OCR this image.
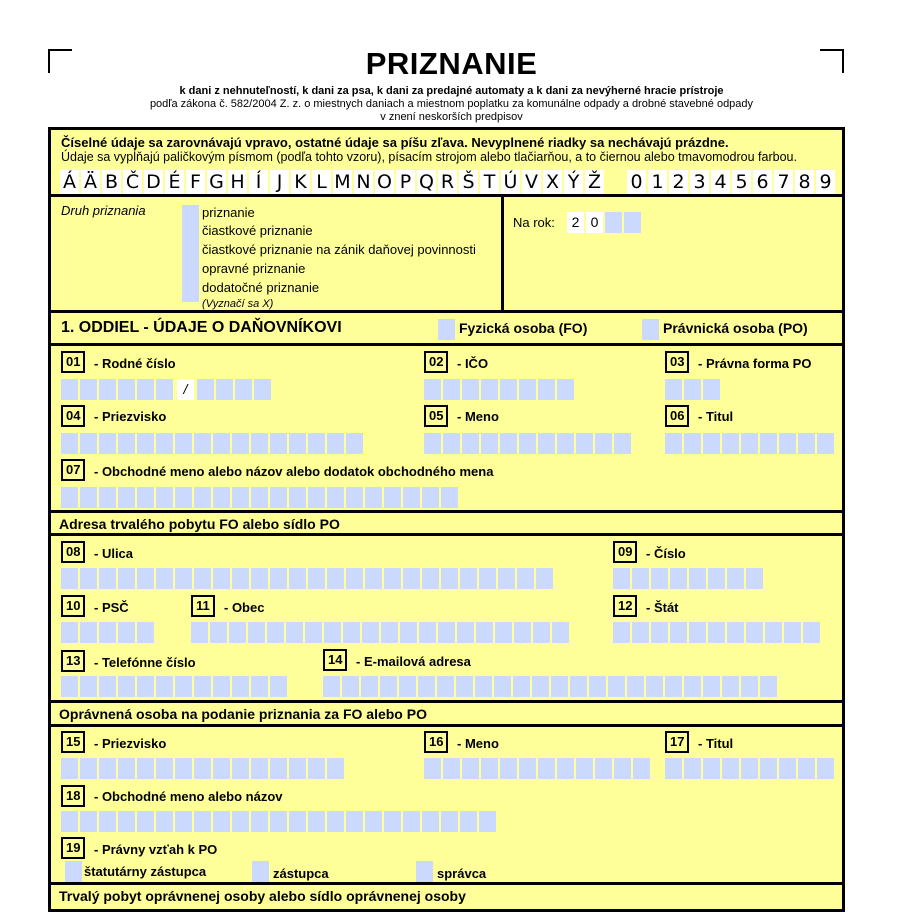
PRIZNANIE
k dani z nehnuteľností, k dani za psa, k dani za predajné automaty a k dani za nevýherné hracie prístroje
podľa zákona č. 582/2004 Z. z. o miestnych daniach a miestnom poplatku za komunálne odpady a drobné stavebné odpady
v znení neskorších predpisov
Číselné údaje sa zarovnávajú vpravo, ostatné údaje sa píšu zľava. Nevyplnené riadky sa nechávajú prázdne.
Údaje sa vypĺňajú paličkovým písmom (podľa tohto vzoru), písacím strojom alebo tlačiarňou, a to čiernou alebo tmavomodrou farbou.
Á Ä B Č D É F G H Í J K L M N O P Q R Š T Ú V X Ý Ž 0 1 2 3 4 5 6 7 8 9
Druh priznania	priznanie
čiastkové priznanie
čiastkové priznanie na zánik daňovej povinnosti
opravné priznanie
dodatočné priznanie
(Vyznačí sa X)
Na rok:	2 0
1. ODDIEL - ÚDAJE O DAŇOVNÍKOVI	Fyzická osoba (FO)	Právnická osoba (PO)
01	- Rodné číslo
/
02	- IČO	03	- Právna forma PO
04	- Priezvisko	05	- Meno	06	- Titul
07	- Obchodné meno alebo názov alebo dodatok obchodného mena
Adresa trvalého pobytu FO alebo sídlo PO
08	- Ulica	09	- Číslo
10	- PSČ	11	- Obec	12	- Štát
13	- Telefónne číslo	14	- E-mailová adresa
Oprávnená osoba na podanie priznania za FO alebo PO
15	- Priezvisko	16	- Meno	17	- Titul
18	- Obchodné meno alebo názov
19	- Právny vzťah k PO
štatutárny zástupca	zástupca	správca
Trvalý pobyt oprávnenej osoby alebo sídlo oprávnenej osoby
